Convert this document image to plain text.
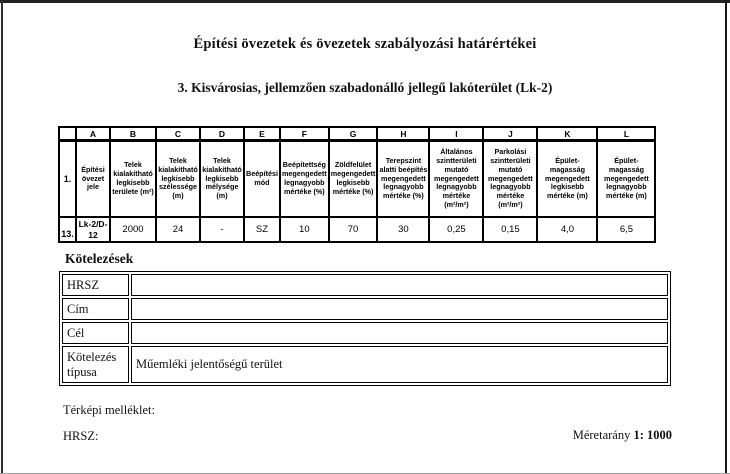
Építési övezetek és övezetek szabályozási határértékei
3. Kisvárosias, jellemzően szabadonálló jellegű lakóterület (Lk-2)
	A	B	C	D	E	F	G	H	I	J	K	L
1.	Építési övezet jele	Telek kialakítható legkisebb területe (m²)	Telek kialakítható legkisebb szélessége (m)	Telek kialakítható legkisebb mélysége (m)	Beépítési mód	Beépítettség megengedett legnagyobb mértéke (%)	Zöldfelület megengedett legkisebb mértéke (%)	Terepszint alatti beépítés megengedett legnagyobb mértéke (%)	Általános szintterületi mutató megengedett legnagyobb mértéke (m²/m²)	Parkolási szintterületi mutató megengedett legnagyobb mértéke (m²/m²)	Épület-magasság megengedett legkisebb mértéke (m)	Épület-magasság megengedett legnagyobb mértéke (m)
13.	Lk-2/D-12	2000	24	-	SZ	10	70	30	0,25	0,15	4,0	6,5
Kötelezések
HRSZ	
Cím	
Cél	
Kötelezés típusa	Műemléki jelentőségű terület
Térképi melléklet:
HRSZ:	Méretarány 1: 1000
